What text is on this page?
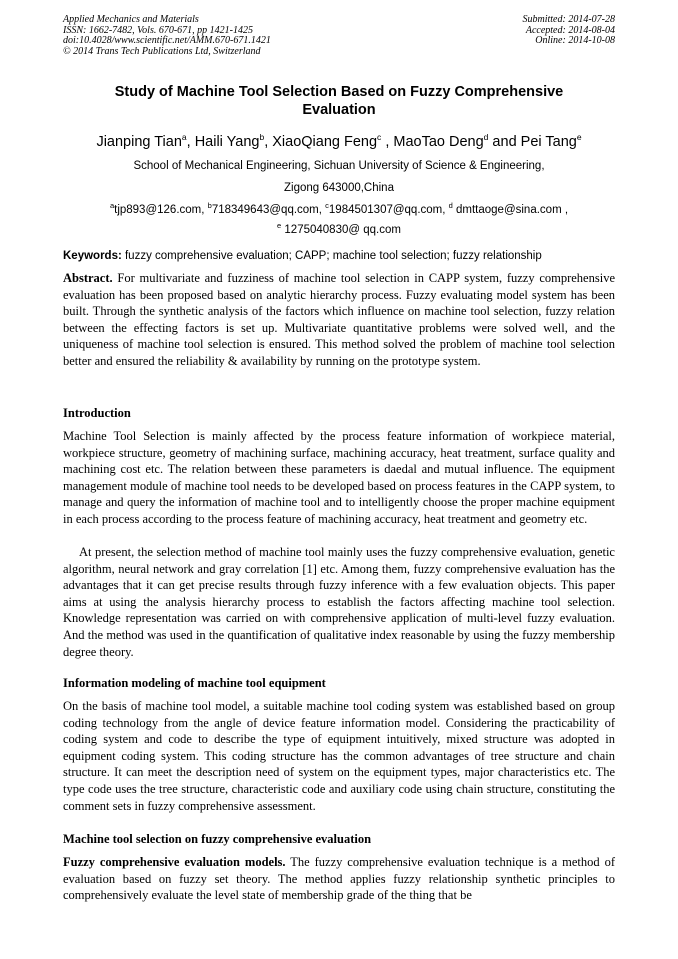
Applied Mechanics and Materials
ISSN: 1662-7482, Vols. 670-671, pp 1421-1425
doi:10.4028/www.scientific.net/AMM.670-671.1421
© 2014 Trans Tech Publications Ltd, Switzerland
Submitted: 2014-07-28
Accepted: 2014-08-04
Online: 2014-10-08
Study of Machine Tool Selection Based on Fuzzy Comprehensive Evaluation
Jianping Tian$^a$, Haili Yang$^b$, XiaoQiang Feng$^c$ , MaoTao Deng$^d$ and Pei Tang$^e$
School of Mechanical Engineering, Sichuan University of Science & Engineering,
Zigong 643000,China
$^a$tjp893@126.com, $^b$718349643@qq.com, $^c$1984501307@qq.com, $^d$ dmttaoge@sina.com ,
$^e$ 1275040830@ qq.com
Keywords: fuzzy comprehensive evaluation; CAPP; machine tool selection; fuzzy relationship
Abstract. For multivariate and fuzziness of machine tool selection in CAPP system, fuzzy comprehensive evaluation has been proposed based on analytic hierarchy process. Fuzzy evaluating model system has been built. Through the synthetic analysis of the factors which influence on machine tool selection, fuzzy relation between the effecting factors is set up. Multivariate quantitative problems were solved well, and the uniqueness of machine tool selection is ensured. This method solved the problem of machine tool selection better and ensured the reliability & availability by running on the prototype system.
Introduction
Machine Tool Selection is mainly affected by the process feature information of workpiece material, workpiece structure, geometry of machining surface, machining accuracy, heat treatment, surface quality and machining cost etc. The relation between these parameters is daedal and mutual influence. The equipment management module of machine tool needs to be developed based on process features in the CAPP system, to manage and query the information of machine tool and to intelligently choose the proper machine equipment in each process according to the process feature of machining accuracy, heat treatment and geometry etc.
At present, the selection method of machine tool mainly uses the fuzzy comprehensive evaluation, genetic algorithm, neural network and gray correlation [1] etc. Among them, fuzzy comprehensive evaluation has the advantages that it can get precise results through fuzzy inference with a few evaluation objects. This paper aims at using the analysis hierarchy process to establish the factors affecting machine tool selection. Knowledge representation was carried on with comprehensive application of multi-level fuzzy evaluation. And the method was used in the quantification of qualitative index reasonable by using the fuzzy membership degree theory.
Information modeling of machine tool equipment
On the basis of machine tool model, a suitable machine tool coding system was established based on group coding technology from the angle of device feature information model. Considering the practicability of coding system and code to describe the type of equipment intuitively, mixed structure was adopted in equipment coding system. This coding structure has the common advantages of tree structure and chain structure. It can meet the description need of system on the equipment types, major characteristics etc. The type code uses the tree structure, characteristic code and auxiliary code using chain structure, constituting the comment sets in fuzzy comprehensive assessment.
Machine tool selection on fuzzy comprehensive evaluation
Fuzzy comprehensive evaluation models. The fuzzy comprehensive evaluation technique is a method of evaluation based on fuzzy set theory. The method applies fuzzy relationship synthetic principles to comprehensively evaluate the level state of membership grade of the thing that be
